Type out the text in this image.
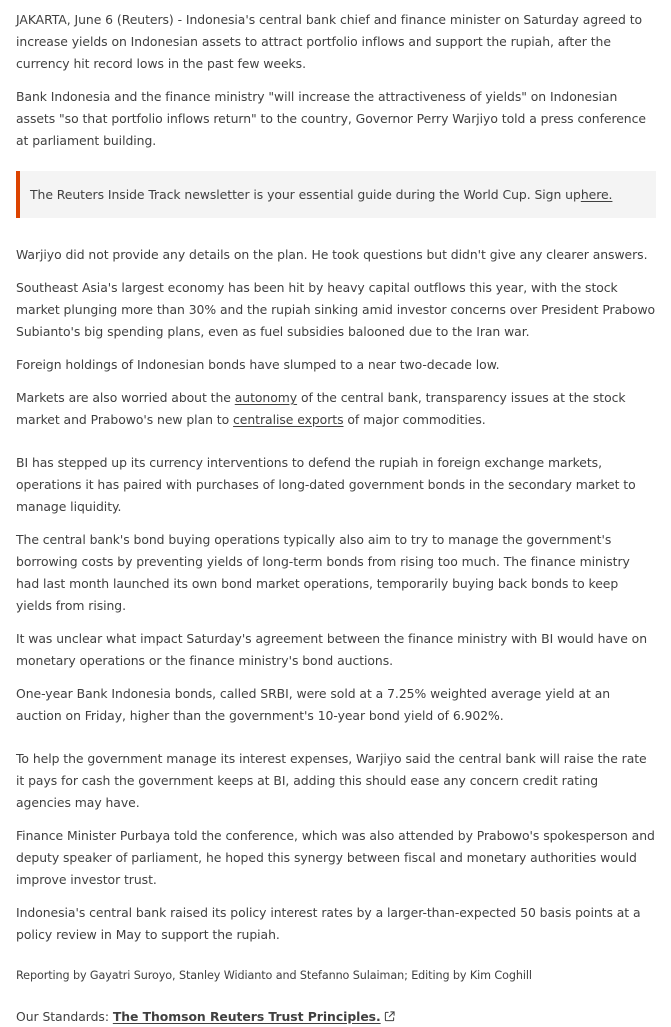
JAKARTA, June 6 (Reuters) - Indonesia's central bank chief and finance minister on Saturday agreed to increase yields on Indonesian assets to attract portfolio inflows and support the rupiah, after the currency hit record lows in the past few weeks.

Bank Indonesia and the finance ministry "will increase the attractiveness of yields" on Indonesian assets "so that portfolio inflows return" to the country, Governor Perry Warjiyo told a press conference at parliament building.

The Reuters Inside Track newsletter is your essential guide during the World Cup. Sign up here.

Warjiyo did not provide any details on the plan. He took questions but didn't give any clearer answers.

Southeast Asia's largest economy has been hit by heavy capital outflows this year, with the stock market plunging more than 30% and the rupiah sinking amid investor concerns over President Prabowo Subianto's big spending plans, even as fuel subsidies balooned due to the Iran war.

Foreign holdings of Indonesian bonds have slumped to a near two-decade low.

Markets are also worried about the autonomy of the central bank, transparency issues at the stock market and Prabowo's new plan to centralise exports of major commodities.

BI has stepped up its currency interventions to defend the rupiah in foreign exchange markets, operations it has paired with purchases of long-dated government bonds in the secondary market to manage liquidity.

The central bank's bond buying operations typically also aim to try to manage the government's borrowing costs by preventing yields of long-term bonds from rising too much. The finance ministry had last month launched its own bond market operations, temporarily buying back bonds to keep yields from rising.

It was unclear what impact Saturday's agreement between the finance ministry with BI would have on monetary operations or the finance ministry's bond auctions.

One-year Bank Indonesia bonds, called SRBI, were sold at a 7.25% weighted average yield at an auction on Friday, higher than the government's 10-year bond yield of 6.902%.

To help the government manage its interest expenses, Warjiyo said the central bank will raise the rate it pays for cash the government keeps at BI, adding this should ease any concern credit rating agencies may have.

Finance Minister Purbaya told the conference, which was also attended by Prabowo's spokesperson and deputy speaker of parliament, he hoped this synergy between fiscal and monetary authorities would improve investor trust.

Indonesia's central bank raised its policy interest rates by a larger-than-expected 50 basis points at a policy review in May to support the rupiah.

Reporting by Gayatri Suroyo, Stanley Widianto and Stefanno Sulaiman; Editing by Kim Coghill
Our Standards: The Thomson Reuters Trust Principles.
